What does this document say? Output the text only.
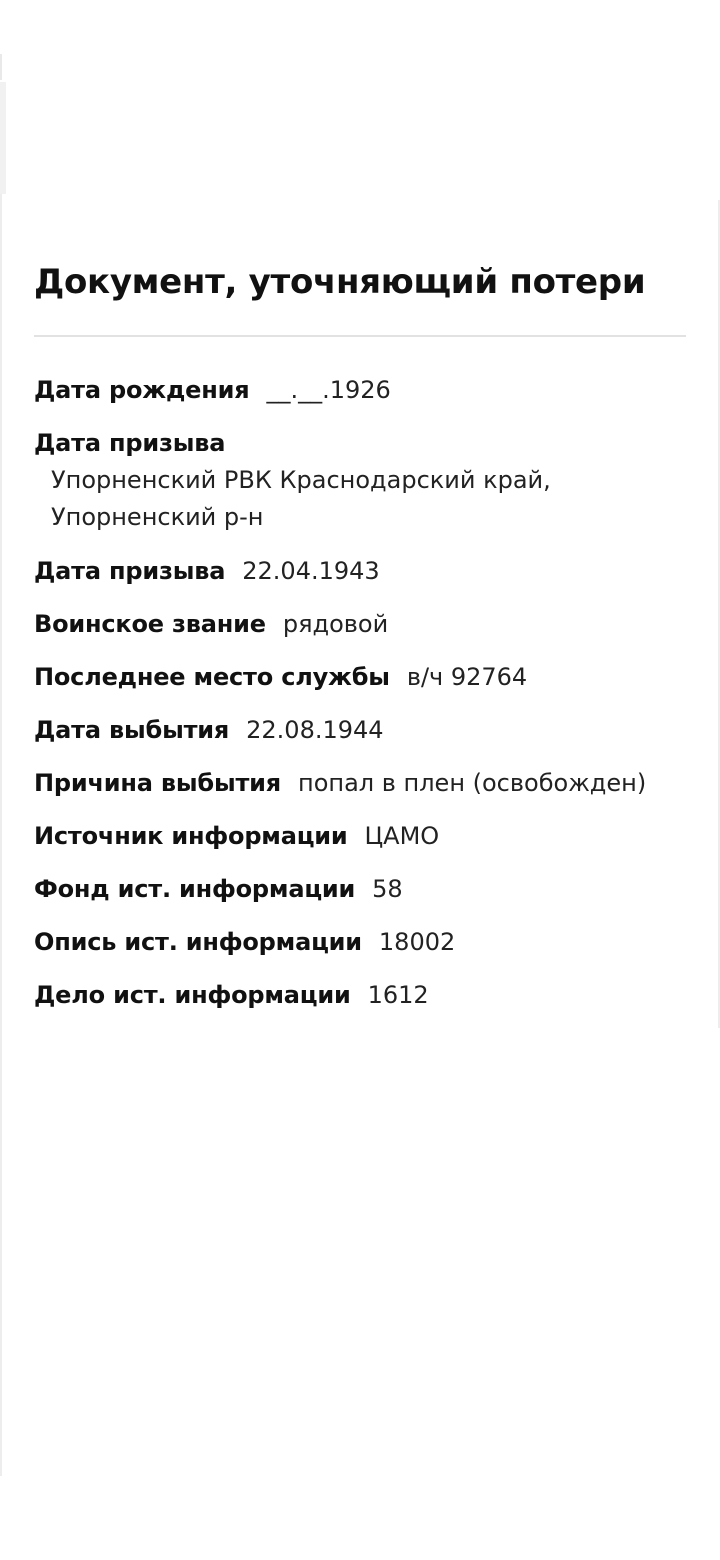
Документ, уточняющий потери
Дата рождения __.__.1926
Дата призыва
Упорненский РВК Краснодарский край, Упорненский р-н
Дата призыва 22.04.1943
Воинское звание рядовой
Последнее место службы в/ч 92764
Дата выбытия 22.08.1944
Причина выбытия попал в плен (освобожден)
Источник информации ЦАМО
Фонд ист. информации 58
Опись ист. информации 18002
Дело ист. информации 1612
